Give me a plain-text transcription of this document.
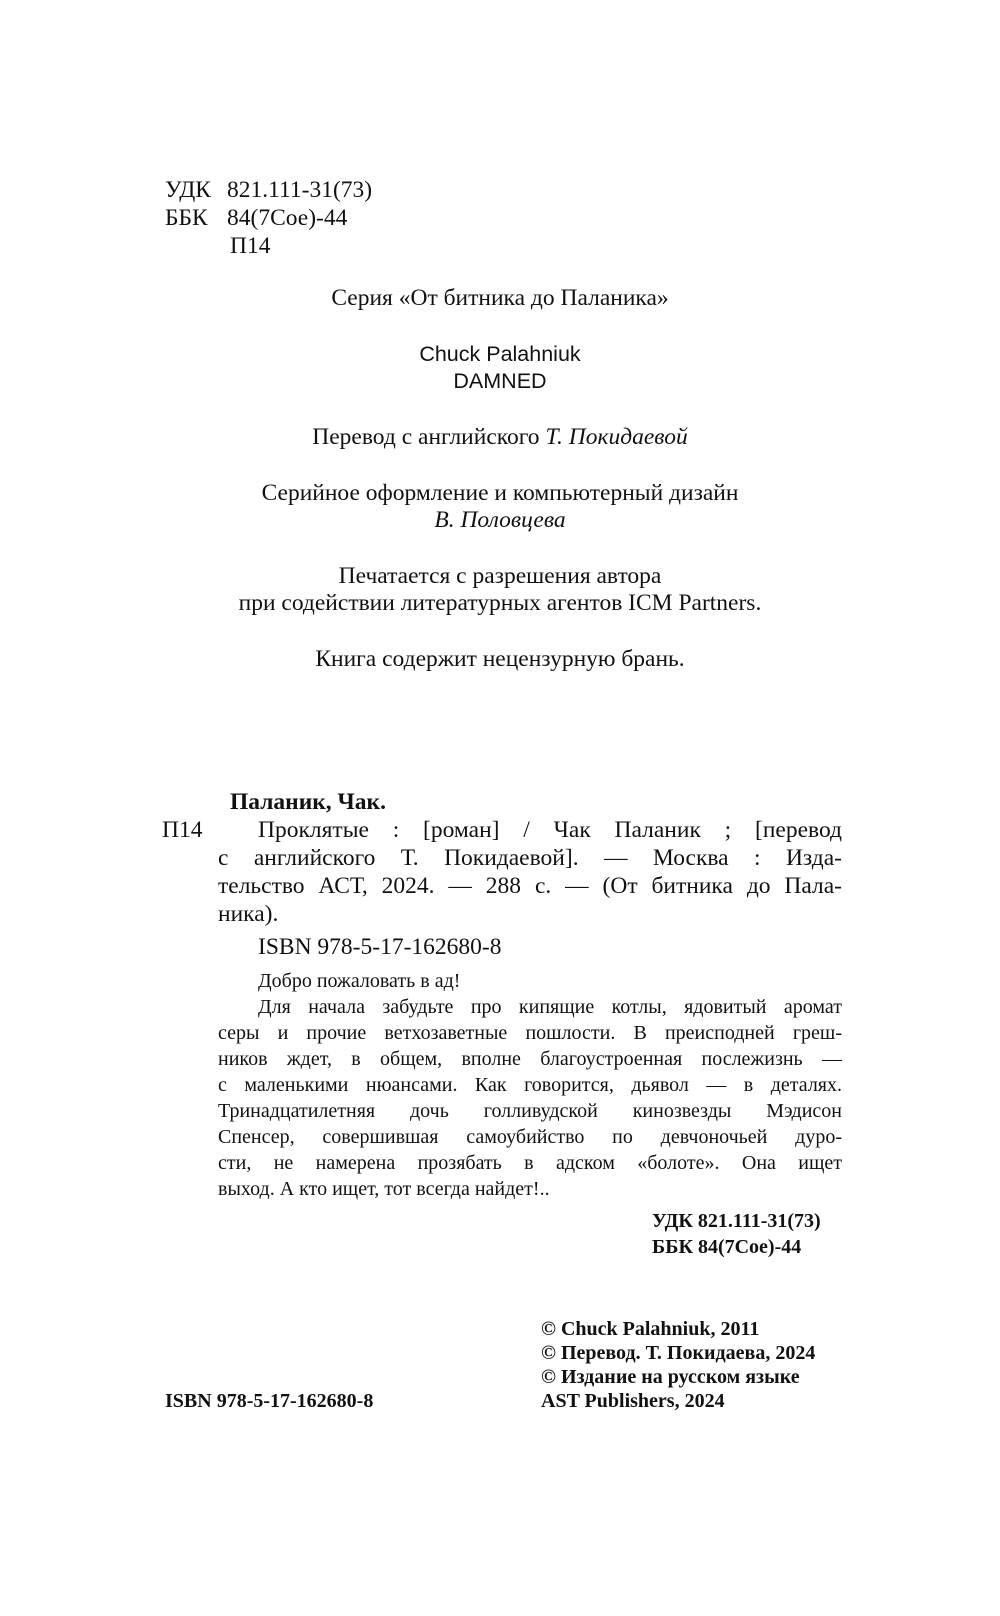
УДК 821.111-31(73)
ББК 84(7Сое)-44
П14
Серия «От битника до Паланика»
Chuck Palahniuk
DAMNED
Перевод с английского Т. Покидаевой
Серийное оформление и компьютерный дизайн
В. Половцева
Печатается с разрешения автора
при содействии литературных агентов ICM Partners.
Книга содержит нецензурную брань.
Паланик, Чак.
П14 Проклятые : [роман] / Чак Паланик ; [перевод
с английского Т. Покидаевой]. — Москва : Изда-
тельство АСТ, 2024. — 288 с. — (От битника до Пала-
ника).
ISBN 978-5-17-162680-8
Добро пожаловать в ад!
Для начала забудьте про кипящие котлы, ядовитый аромат
серы и прочие ветхозаветные пошлости. В преисподней греш-
ников ждет, в общем, вполне благоустроенная послежизнь —
с маленькими нюансами. Как говорится, дьявол — в деталях.
Тринадцатилетняя дочь голливудской кинозвезды Мэдисон
Спенсер, совершившая самоубийство по девчоночьей дуро-
сти, не намерена прозябать в адском «болоте». Она ищет
выход. А кто ищет, тот всегда найдет!..
УДК 821.111-31(73)
ББК 84(7Сое)-44
© Chuck Palahniuk, 2011
© Перевод. Т. Покидаева, 2024
© Издание на русском языке
AST Publishers, 2024
ISBN 978-5-17-162680-8
